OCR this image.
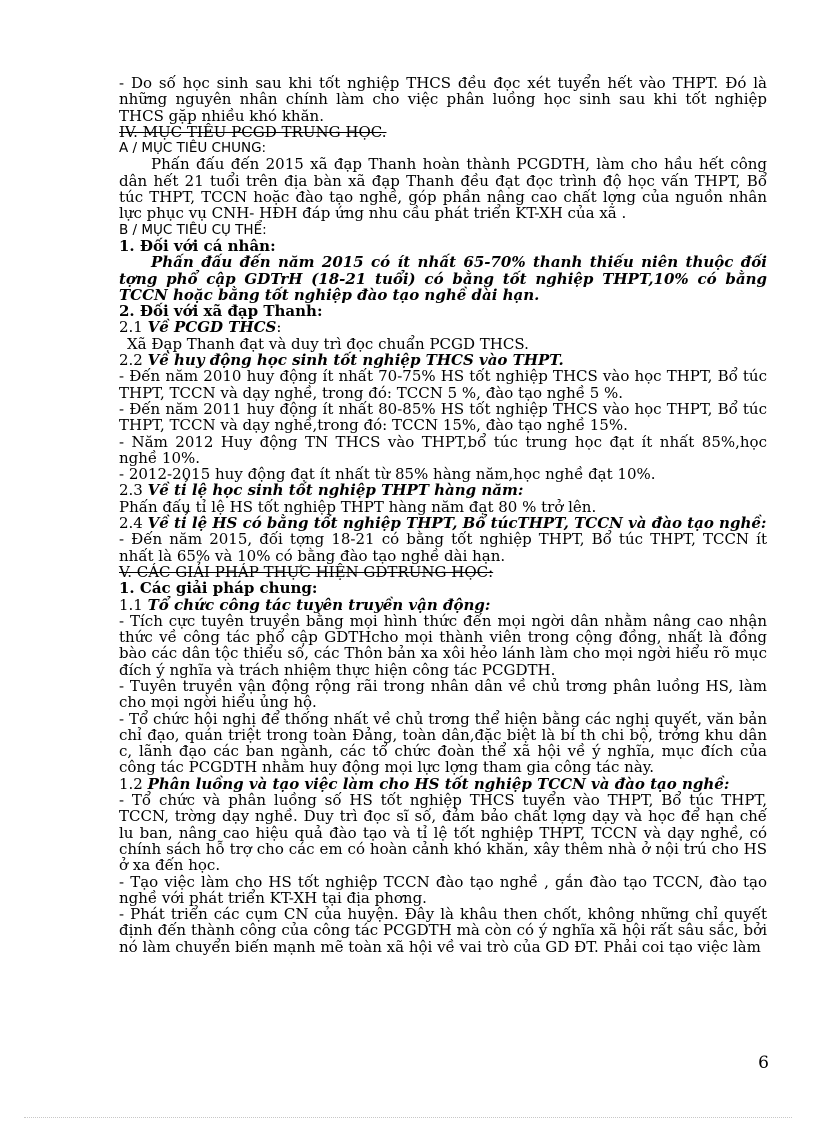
- Do số học sinh sau khi tốt nghiệp THCS đều đọc xét tuyển hết vào THPT. Đó là những nguyên nhân chính làm cho việc phân luồng học sinh sau khi tốt nghiệp THCS gặp nhiều khó khăn.

IV. MỤC TIÊU PCGD TRUNG HỌC.

A / MỤC TIÊU CHUNG:

Phấn đấu đến 2015 xã đạp Thanh hoàn thành PCGDTH, làm cho hầu hết công dân hết 21 tuổi trên địa bàn xã đạp Thanh đều đạt đọc trình độ học vấn THPT, Bổ túc THPT, TCCN hoặc đào tạo nghề, góp phần nâng cao chất lợng của nguồn nhân lực phục vụ CNH- HĐH đáp ứng nhu cầu phát triển KT-XH của xã .

B / MỤC TIÊU CỤ THỂ:

1. Đối với cá nhân:

Phấn đấu đến năm 2015 có ít nhất 65-70% thanh thiếu niên thuộc đối tợng phổ cập GDTrH (18-21 tuổi) có bằng tốt nghiệp THPT,10% có bằng TCCN hoặc bằng tốt nghiệp đào tạo nghề dài hạn.

2. Đối với xã đạp Thanh:

2.1 Về PCGD THCS:

Xã Đạp Thanh đạt và duy trì đọc chuẩn PCGD THCS.

2.2 Về huy động học sinh tốt nghiệp THCS vào THPT.

- Đến năm 2010 huy động ít nhất 70-75% HS tốt nghiệp THCS vào học THPT, Bổ túc THPT, TCCN và dạy nghề, trong đó: TCCN 5 %, đào tạo nghề 5 %.

- Đến năm 2011 huy động ít nhất 80-85% HS tốt nghiệp THCS vào học THPT, Bổ túc THPT, TCCN và dạy nghề,trong đó: TCCN 15%, đào tạo nghề 15%.

- Năm 2012 Huy động TN THCS vào THPT,bổ túc trung học đạt ít nhất 85%,học nghề 10%.

- 2012-2015 huy động đạt ít nhất từ 85% hàng năm,học nghề đạt 10%.

2.3 Về tỉ lệ học sinh tốt nghiệp THPT hàng năm:

Phấn đấu tỉ lệ HS tốt nghiệp THPT hàng năm đạt 80 % trở lên.

2.4 Về tỉ lệ HS có bằng tốt nghiệp THPT, Bổ túcTHPT, TCCN và đào tạo nghề:

- Đến năm 2015, đối tợng 18-21 có bằng tốt nghiệp THPT, Bổ túc THPT, TCCN ít nhất là 65% và 10% có bằng đào tạo nghề dài hạn.

V. CÁC GIẢI PHÁP THỰC HIỆN GDTRUNG HỌC:

1. Các giải pháp chung:

1.1 Tổ chức công tác tuyên truyền vận động:

- Tích cực tuyên truyền bằng mọi hình thức đến mọi ngời dân nhằm nâng cao nhận thức về công tác phổ cập GDTHcho mọi thành viên trong cộng đồng, nhất là đồng bào các dân tộc thiểu số, các Thôn bản xa xôi hẻo lánh làm cho mọi ngời hiểu rõ mục đích ý nghĩa và trách nhiệm thực hiện công tác PCGDTH.

- Tuyên truyền vận động rộng rãi trong nhân dân về chủ trơng phân luồng HS, làm cho mọi ngời hiểu ủng hộ.

- Tổ chức hội nghị để thống nhất về chủ trơng thể hiện bằng các nghị quyết, văn bản chỉ đạo, quán triệt trong toàn Đảng, toàn dân,đặc biệt là bí th chi bộ, trởng khu dân c, lãnh đạo các ban ngành, các tổ chức đoàn thể xã hội về ý nghĩa, mục đích của công tác PCGDTH nhằm huy động mọi lực lợng tham gia công tác này.

1.2 Phân luồng và tạo việc làm cho HS tốt nghiệp TCCN và đào tạo nghề:

- Tổ chức và phân luồng số HS tốt nghiệp THCS tuyển vào THPT, Bổ túc THPT, TCCN, trờng dạy nghề. Duy trì đọc sĩ số, đảm bảo chất lợng dạy và học để hạn chế lu ban, nâng cao hiệu quả đào tạo và tỉ lệ tốt nghiệp THPT, TCCN và dạy nghề, có chính sách hỗ trợ cho các em có hoàn cảnh khó khăn, xây thêm nhà ở nội trú cho HS ở xa đến học.

- Tạo việc làm cho HS tốt nghiệp TCCN đào tạo nghề , gắn đào tạo TCCN, đào tạo nghề với phát triển KT-XH tại địa phơng.

- Phát triển các cụm CN của huyện. Đây là khâu then chốt, không những chỉ quyết định đến thành công của công tác PCGDTH mà còn có ý nghĩa xã hội rất sâu sắc, bởi nó làm chuyển biến mạnh mẽ toàn xã hội về vai trò của GD ĐT. Phải coi tạo việc làm

6
